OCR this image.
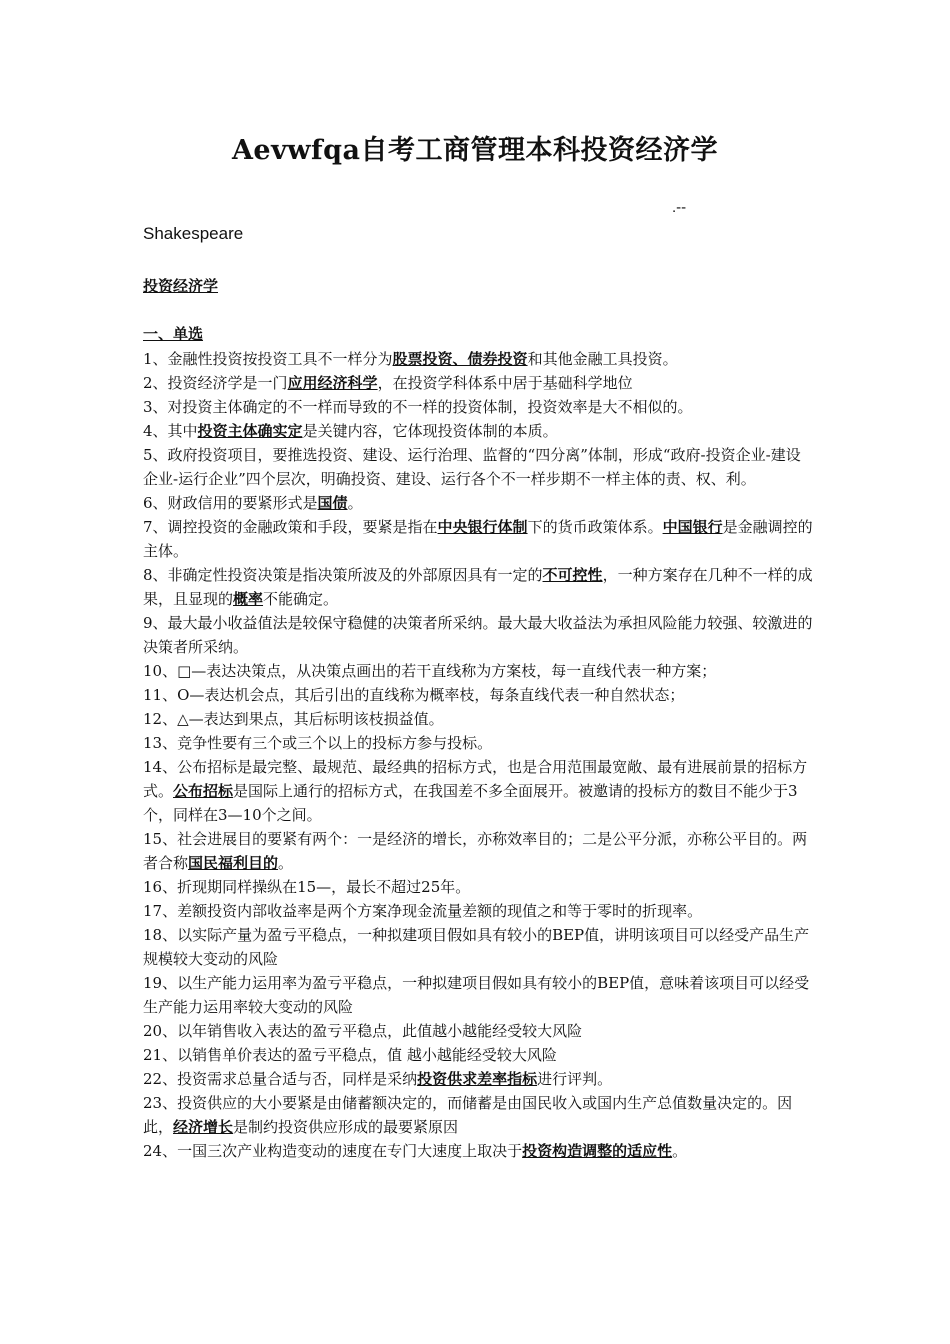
Aevwfqa自考工商管理本科投资经济学
.--
Shakespeare
投资经济学
一、单选

1、金融性投资按投资工具不一样分为股票投资、债券投资和其他金融工具投资。

2、投资经济学是一门应用经济科学，在投资学科体系中居于基础科学地位

3、对投资主体确定的不一样而导致的不一样的投资体制，投资效率是大不相似的。

4、其中投资主体确实定是关键内容，它体现投资体制的本质。

5、政府投资项目，要推选投资、建设、运行治理、监督的“四分离”体制，形成“政府-投资企业-建设企业-运行企业”四个层次，明确投资、建设、运行各个不一样步期不一样主体的责、权、利。

6、财政信用的要紧形式是国债。

7、调控投资的金融政策和手段，要紧是指在中央银行体制下的货币政策体系。中国银行是金融调控的主体。

8、非确定性投资决策是指决策所波及的外部原因具有一定的不可控性，一种方案存在几种不一样的成果，且显现的概率不能确定。

9、最大最小收益值法是较保守稳健的决策者所采纳。最大最大收益法为承担风险能力较强、较激进的决策者所采纳。

10、□—表达决策点，从决策点画出的若干直线称为方案枝，每一直线代表一种方案；

11、O—表达机会点，其后引出的直线称为概率枝，每条直线代表一种自然状态；

12、△—表达到果点，其后标明该枝损益值。

13、竞争性要有三个或三个以上的投标方参与投标。

14、公布招标是最完整、最规范、最经典的招标方式，也是合用范围最宽敞、最有进展前景的招标方式。公布招标是国际上通行的招标方式，在我国差不多全面展开。被邀请的投标方的数目不能少于3个，同样在3—10个之间。

15、社会进展目的要紧有两个：一是经济的增长，亦称效率目的；二是公平分派，亦称公平目的。两者合称国民福利目的。

16、折现期同样操纵在15—，最长不超过25年。

17、差额投资内部收益率是两个方案净现金流量差额的现值之和等于零时的折现率。

18、以实际产量为盈亏平稳点，一种拟建项目假如具有较小的BEP值，讲明该项目可以经受产品生产规模较大变动的风险

19、以生产能力运用率为盈亏平稳点，一种拟建项目假如具有较小的BEP值，意味着该项目可以经受生产能力运用率较大变动的风险

20、以年销售收入表达的盈亏平稳点，此值越小越能经受较大风险

21、以销售单价表达的盈亏平稳点，值 越小越能经受较大风险

22、投资需求总量合适与否，同样是采纳投资供求差率指标进行评判。

23、投资供应的大小要紧是由储蓄额决定的，而储蓄是由国民收入或国内生产总值数量决定的。因此，经济增长是制约投资供应形成的最要紧原因

24、一国三次产业构造变动的速度在专门大速度上取决于投资构造调整的适应性。
